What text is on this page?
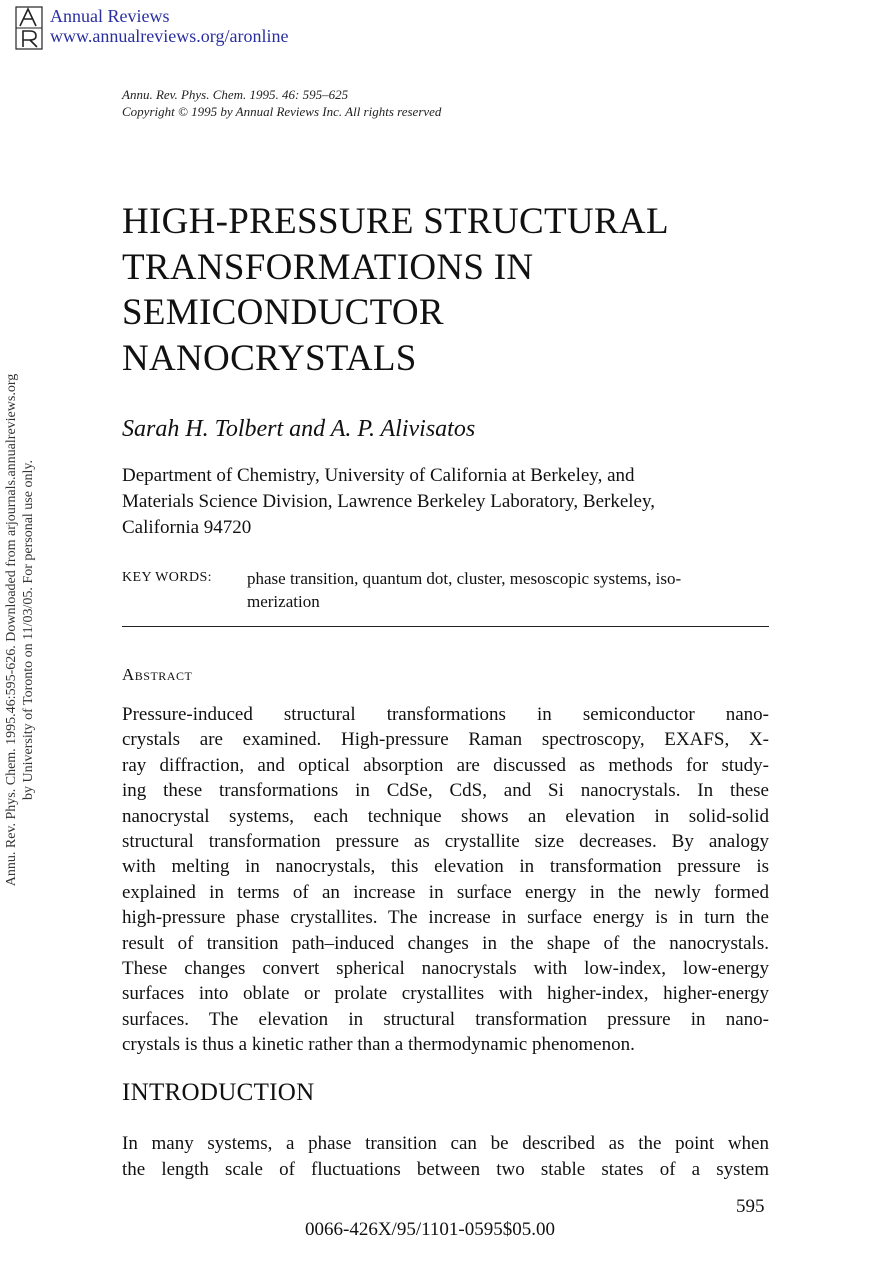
Annual Reviews
www.annualreviews.org/aronline
Annu. Rev. Phys. Chem. 1995. 46: 595–625
Copyright © 1995 by Annual Reviews Inc. All rights reserved
Annu. Rev. Phys. Chem. 1995.46:595-626. Downloaded from arjournals.annualreviews.org by University of Toronto on 11/03/05. For personal use only.
HIGH-PRESSURE STRUCTURAL
TRANSFORMATIONS IN
SEMICONDUCTOR
NANOCRYSTALS
Sarah H. Tolbert and A. P. Alivisatos
Department of Chemistry, University of California at Berkeley, and
Materials Science Division, Lawrence Berkeley Laboratory, Berkeley,
California 94720
KEY WORDS: phase transition, quantum dot, cluster, mesoscopic systems, iso-
merization
Abstract
Pressure-induced structural transformations in semiconductor nano-
crystals are examined. High-pressure Raman spectroscopy, EXAFS, X-
ray diffraction, and optical absorption are discussed as methods for study-
ing these transformations in CdSe, CdS, and Si nanocrystals. In these
nanocrystal systems, each technique shows an elevation in solid-solid
structural transformation pressure as crystallite size decreases. By analogy
with melting in nanocrystals, this elevation in transformation pressure is
explained in terms of an increase in surface energy in the newly formed
high-pressure phase crystallites. The increase in surface energy is in turn the
result of transition path–induced changes in the shape of the nanocrystals.
These changes convert spherical nanocrystals with low-index, low-energy
surfaces into oblate or prolate crystallites with higher-index, higher-energy
surfaces. The elevation in structural transformation pressure in nano-
crystals is thus a kinetic rather than a thermodynamic phenomenon.
INTRODUCTION
In many systems, a phase transition can be described as the point when
the length scale of fluctuations between two stable states of a system
595
0066-426X/95/1101-0595$05.00
